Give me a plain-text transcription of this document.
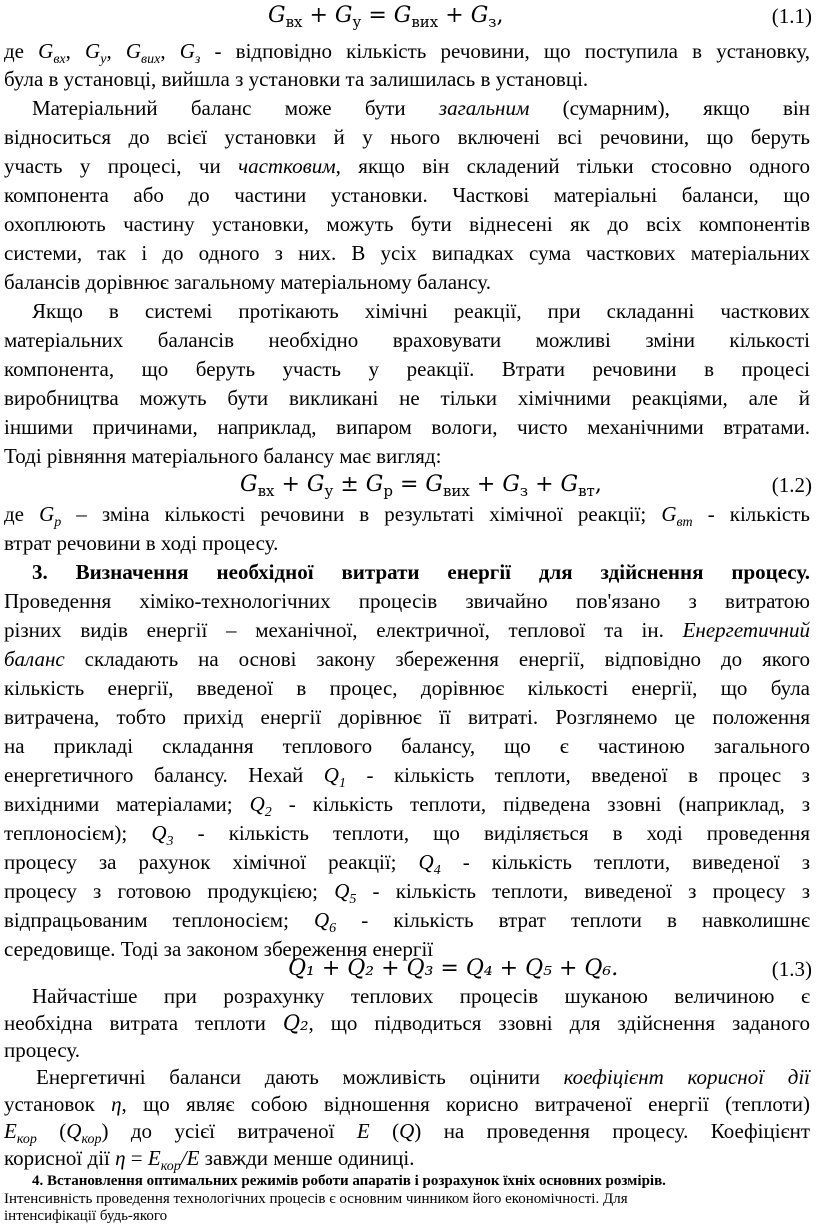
$G_{вх} + G_у = G_{вих} + G_з$,	(1.1)
де $G_{вх}$, $G_у$, $G_{вих}$, $G_з$ - відповідно кількість речовини, що поступила в установку,
була в установці, вийшла з установки та залишилась в установці.
Матеріальний баланс може бути загальним (сумарним), якщо він
відноситься до всієї установки й у нього включені всі речовини, що беруть
участь у процесі, чи частковим, якщо він складений тільки стосовно одного
компонента або до частини установки. Часткові матеріальні баланси, що
охоплюють частину установки, можуть бути віднесені як до всіх компонентів
системи, так і до одного з них. В усіх випадках сума часткових матеріальних
балансів дорівнює загальному матеріальному балансу.
Якщо в системі протікають хімічні реакції, при складанні часткових
матеріальних балансів необхідно враховувати можливі зміни кількості
компонента, що беруть участь у реакції. Втрати речовини в процесі
виробництва можуть бути викликані не тільки хімічними реакціями, але й
іншими причинами, наприклад, випаром вологи, чисто механічними втратами.
Тоді рівняння матеріального балансу має вигляд:
$G_{вх} + G_у \pm G_р = G_{вих} + G_з + G_{вт}$,	(1.2)
де $G_р$ – зміна кількості речовини в результаті хімічної реакції; $G_{вт}$ - кількість
втрат речовини в ході процесу.
3. Визначення необхідної витрати енергії для здійснення процесу.
Проведення хіміко-технологічних процесів звичайно пов'язано з витратою
різних видів енергії – механічної, електричної, теплової та ін. Енергетичний
баланс складають на основі закону збереження енергії, відповідно до якого
кількість енергії, введеної в процес, дорівнює кількості енергії, що була
витрачена, тобто прихід енергії дорівнює її витраті. Розглянемо це положення
на прикладі складання теплового балансу, що є частиною загального
енергетичного балансу. Нехай $Q_1$ - кількість теплоти, введеної в процес з
вихідними матеріалами; $Q_2$ - кількість теплоти, підведена ззовні (наприклад, з
теплоносієм); $Q_3$ - кількість теплоти, що виділяється в ході проведення
процесу за рахунок хімічної реакції; $Q_4$ - кількість теплоти, виведеної з
процесу з готовою продукцією; $Q_5$ - кількість теплоти, виведеної з процесу з
відпрацьованим теплоносієм; $Q_6$ - кількість втрат теплоти в навколишнє
середовище. Тоді за законом збереження енергії
Q₁ + Q₂ + Q₃ = Q₄ + Q₅ + Q₆.	(1.3)
Найчастіше при розрахунку теплових процесів шуканою величиною є
необхідна витрата теплоти Q₂, що підводиться ззовні для здійснення заданого
процесу.
Енергетичні баланси дають можливість оцінити коефіцієнт корисної дії
установок η, що являє собою відношення корисно витраченої енергії (теплоти)
$E_{кор}$ $(Q_{кор})$ до усієї витраченої E (Q) на проведення процесу. Коефіцієнт
корисної дії $\eta = E_{кор}/E$ завжди менше одиниці.
4. Встановлення оптимальних режимів роботи апаратів і розрахунок їхніх основних розмірів.
Інтенсивність проведення технологічних процесів є основним чинником його економічності. Для
інтенсифікації будь-якого
